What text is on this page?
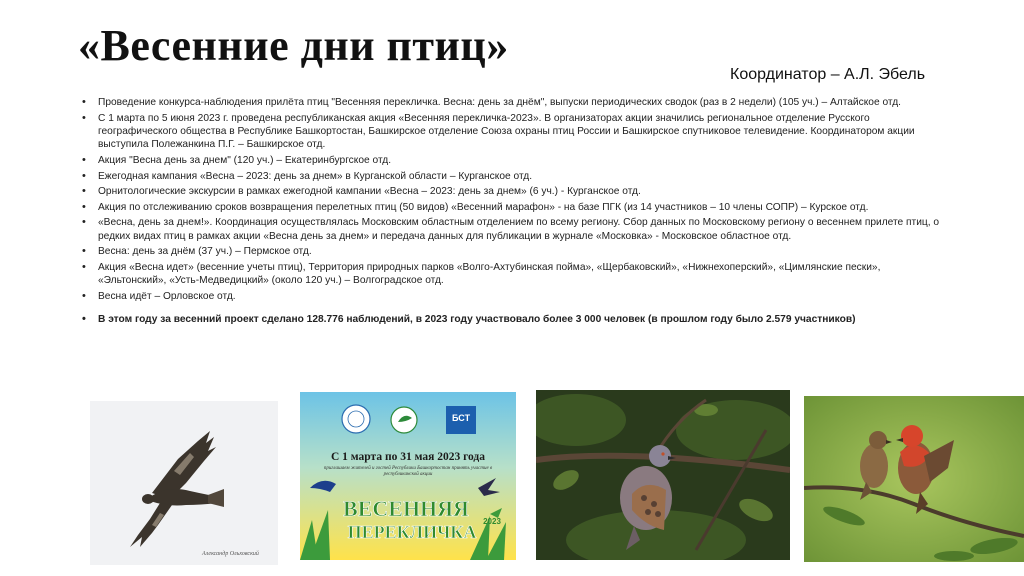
«Весенние дни птиц»
Координатор – А.Л. Эбель
• Проведение конкурса-наблюдения прилёта птиц "Весенняя перекличка. Весна: день за днём", выпуски периодических сводок (раз в 2 недели) (105 уч.) – Алтайское отд.
• С 1 марта по 5 июня 2023 г. проведена республиканская акция «Весенняя перекличка-2023». В организаторах акции значились региональное отделение Русского географического общества в Республике Башкортостан, Башкирское отделение Союза охраны птиц России и Башкирское спутниковое телевидение. Координатором акции выступила Полежанкина П.Г. – Башкирское отд.
• Акция "Весна день за днем" (120 уч.) – Екатеринбургское отд.
• Ежегодная кампания «Весна – 2023: день за днем» в Курганской области – Курганское отд.
• Орнитологические экскурсии в рамках ежегодной кампании «Весна – 2023: день за днем» (6 уч.) - Курганское отд.
• Акция по отслеживанию сроков возвращения перелетных птиц (50 видов) «Весенний марафон» - на базе ПГК (из 14 участников – 10 члены СОПР) – Курское отд.
• «Весна, день за днем!». Координация осуществлялась Московским областным отделением по всему региону. Сбор данных по Московскому региону о весеннем прилете птиц, о редких видах птиц в рамках акции «Весна день за днем» и передача данных для публикации в журнале «Московка» - Московское областное отд.
• Весна: день за днём (37 уч.) – Пермское отд.
• Акция «Весна идет» (весенние учеты птиц), Территория природных парков «Волго-Ахтубинская пойма», «Щербаковский», «Нижнехоперский», «Цимлянские пески», «Эльтонский», «Усть-Медведицкий» (около 120 уч.) – Волгоградское отд.
• Весна идёт – Орловское отд.
• В этом году за весенний проект сделано 128.776 наблюдений, в 2023 году участвовало более 3 000 человек (в прошлом году было 2.579 участников)
Александр Ольховский
ВЕСЕННЯЯ
ПЕРЕКЛИЧКА
2023
БСТ
С 1 марта по 31 мая 2023 года
приглашаем жителей и гостей Республики Башкортостан принять участие в республиканской акции
